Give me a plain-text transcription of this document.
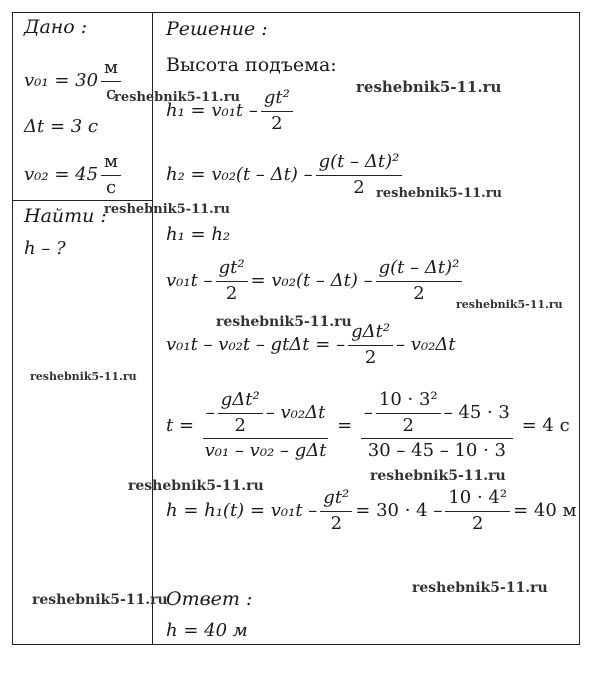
Дано :
$v_{01} = 30 \frac{м}{с}$
Δt = 3 с
$v_{02} = 45 \frac{м}{с}$
Найти :
h – ?
Решение :
Высота подъема:
$h_1 = v_{01}t - \frac{\text{gt²}}{2}$
$h_2 = v_{02}(t - \Delta t) - \frac{\text{g(t – Δt)²}}{2}$
h₁ = h₂
$v_{01}t - \frac{\text{gt²}}{2} = v_{02}(t - \Delta t) - \frac{\text{g(t – Δt)²}}{2}$
v₀₁t – v₀₂t – gtΔt = – $\frac{\text{gΔt²}}{2} - v_{02}\Delta t$
$t = \frac{- \frac{\text{gΔt²}}{2} - v_{02}\Delta t}{\text{v₀₁ – v₀₂ – gΔt}} = \frac{- \frac{\text{10 · 3²}}{2} - 45 \cdot 3}{30 - 45 - 10 \cdot 3} = 4$ с
$h = h_1(t) = v_{01}t - \frac{\text{gt²}}{2} = 30 \cdot 4 - \frac{\text{10 · 4²}}{2} = 40$ м
Ответ :
h = 40 м
reshebnik5-11.ru
reshebnik5-11.ru
reshebnik5-11.ru
reshebnik5-11.ru
reshebnik5-11.ru
reshebnik5-11.ru
reshebnik5-11.ru
reshebnik5-11.ru
reshebnik5-11.ru
reshebnik5-11.ru
reshebnik5-11.ru
